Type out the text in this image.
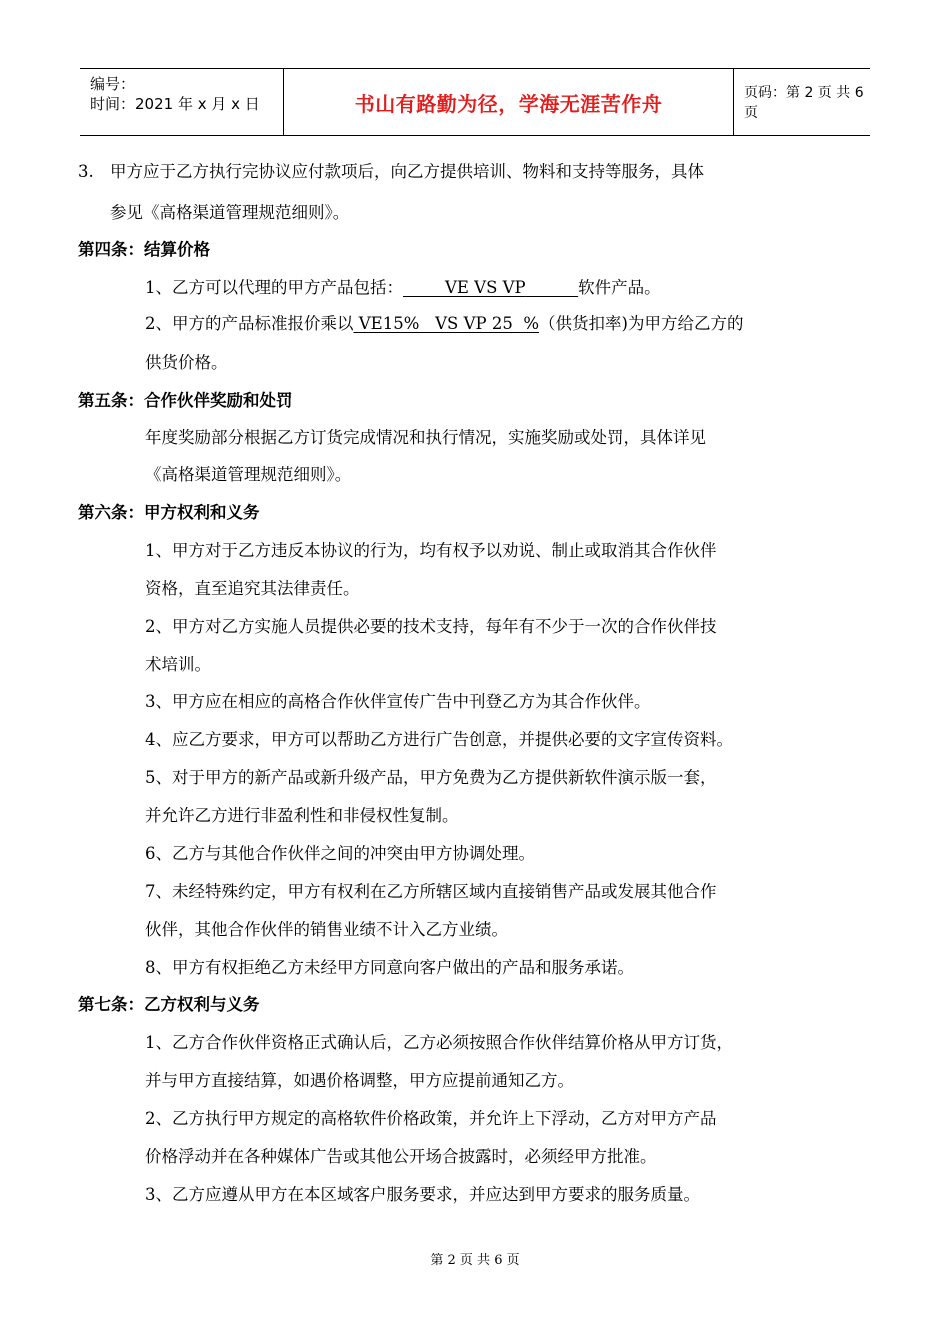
编号：
时间：2021 年 x 月 x 日	书山有路勤为径，学海无涯苦作舟	页码：第 2 页 共 6 页
3. 甲方应于乙方执行完协议应付款项后，向乙方提供培训、物料和支持等服务，具体
参见《高格渠道管理规范细则》。
第四条：结算价格
1、乙方可以代理的甲方产品包括：	VE VS VP	软件产品。
2、甲方的产品标准报价乘以 VE15%   VS VP 25  %（供货扣率)为甲方给乙方的
供货价格。
第五条：合作伙伴奖励和处罚
年度奖励部分根据乙方订货完成情况和执行情况，实施奖励或处罚，具体详见
《高格渠道管理规范细则》。
第六条：甲方权利和义务
1、甲方对于乙方违反本协议的行为，均有权予以劝说、制止或取消其合作伙伴
资格，直至追究其法律责任。
2、甲方对乙方实施人员提供必要的技术支持，每年有不少于一次的合作伙伴技
术培训。
3、甲方应在相应的高格合作伙伴宣传广告中刊登乙方为其合作伙伴。
4、应乙方要求，甲方可以帮助乙方进行广告创意，并提供必要的文字宣传资料。
5、对于甲方的新产品或新升级产品，甲方免费为乙方提供新软件演示版一套，
并允许乙方进行非盈利性和非侵权性复制。
6、乙方与其他合作伙伴之间的冲突由甲方协调处理。
7、未经特殊约定，甲方有权利在乙方所辖区域内直接销售产品或发展其他合作
伙伴，其他合作伙伴的销售业绩不计入乙方业绩。
8、甲方有权拒绝乙方未经甲方同意向客户做出的产品和服务承诺。
第七条：乙方权利与义务
1、乙方合作伙伴资格正式确认后，乙方必须按照合作伙伴结算价格从甲方订货，
并与甲方直接结算，如遇价格调整，甲方应提前通知乙方。
2、乙方执行甲方规定的高格软件价格政策，并允许上下浮动，乙方对甲方产品
价格浮动并在各种媒体广告或其他公开场合披露时，必须经甲方批准。
3、乙方应遵从甲方在本区域客户服务要求，并应达到甲方要求的服务质量。
第 2 页 共 6 页
